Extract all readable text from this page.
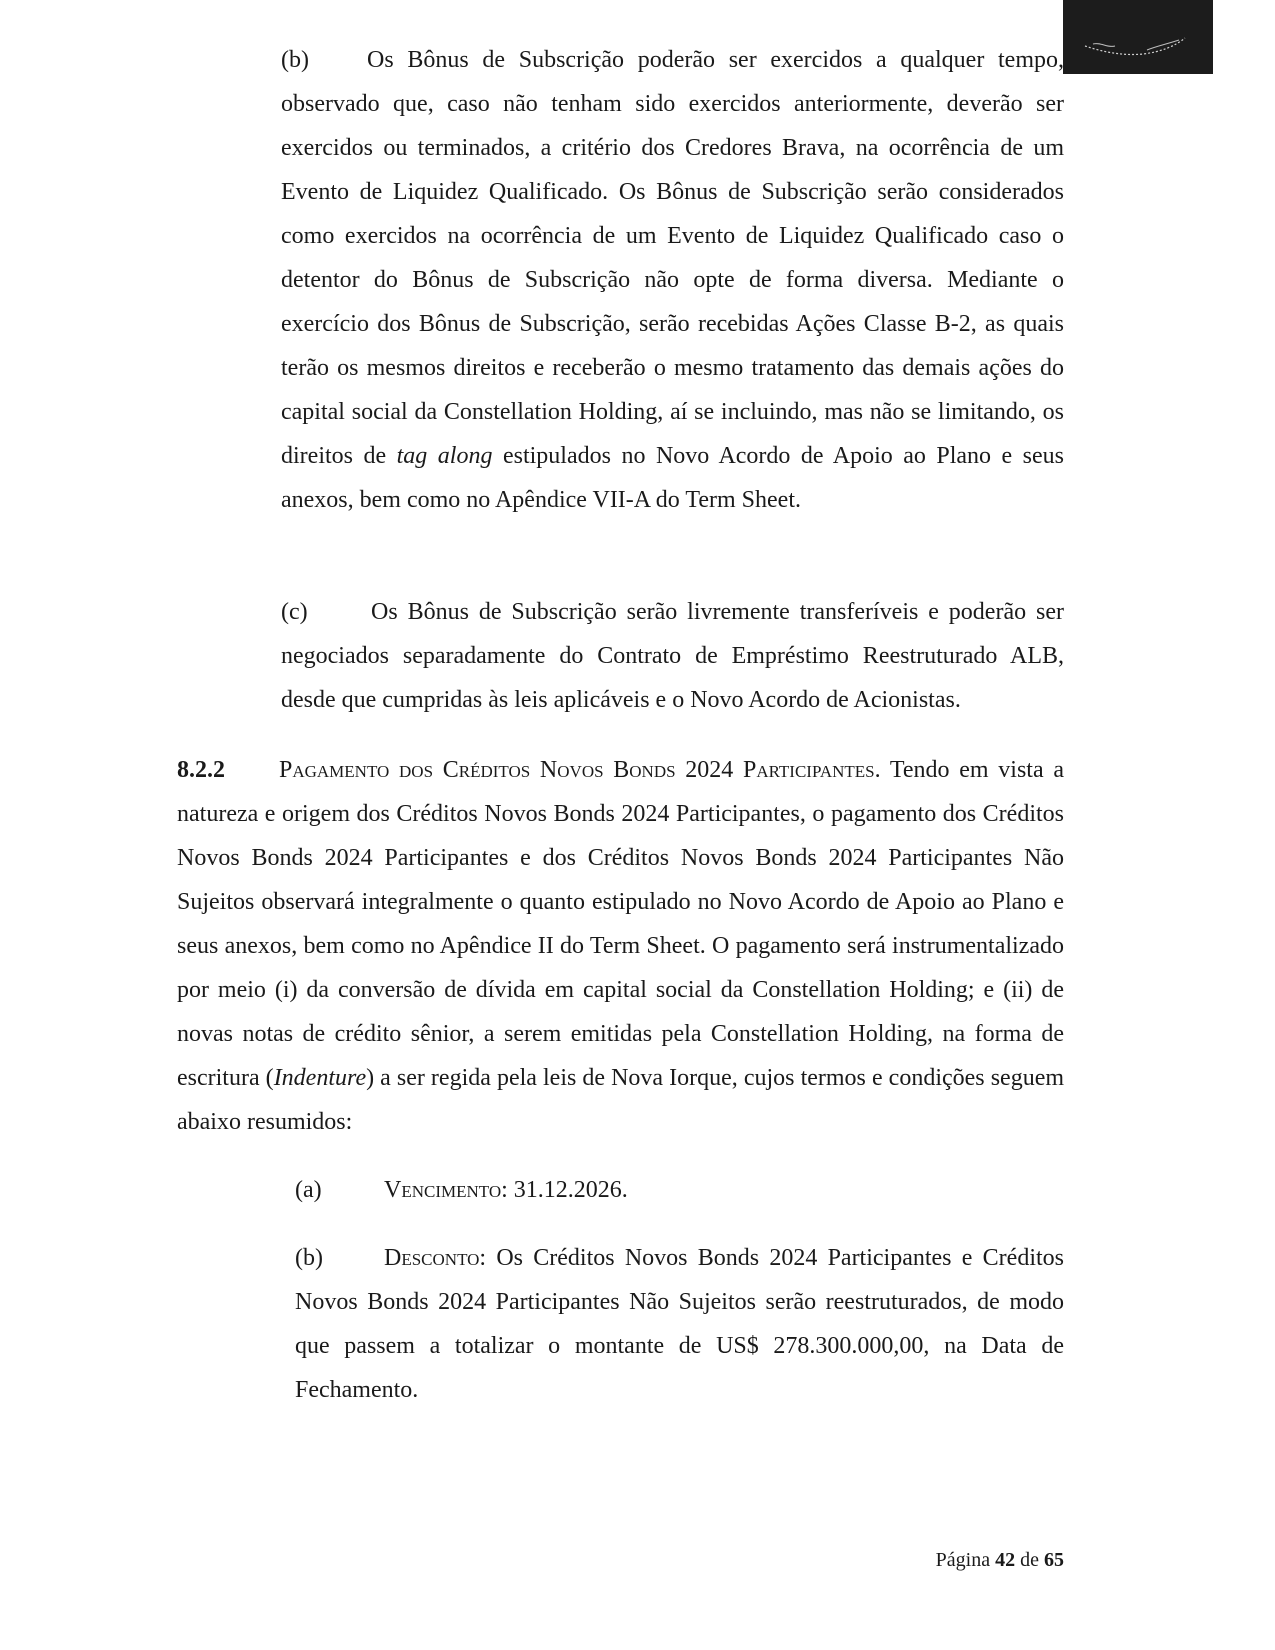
(b) Os Bônus de Subscrição poderão ser exercidos a qualquer tempo, observado que, caso não tenham sido exercidos anteriormente, deverão ser exercidos ou terminados, a critério dos Credores Brava, na ocorrência de um Evento de Liquidez Qualificado. Os Bônus de Subscrição serão considerados como exercidos na ocorrência de um Evento de Liquidez Qualificado caso o detentor do Bônus de Subscrição não opte de forma diversa. Mediante o exercício dos Bônus de Subscrição, serão recebidas Ações Classe B-2, as quais terão os mesmos direitos e receberão o mesmo tratamento das demais ações do capital social da Constellation Holding, aí se incluindo, mas não se limitando, os direitos de tag along estipulados no Novo Acordo de Apoio ao Plano e seus anexos, bem como no Apêndice VII-A do Term Sheet.

(c)	Os Bônus de Subscrição serão livremente transferíveis e poderão ser negociados separadamente do Contrato de Empréstimo Reestruturado ALB, desde que cumpridas às leis aplicáveis e o Novo Acordo de Acionistas.

8.2.2 Pagamento dos Créditos Novos Bonds 2024 Participantes. Tendo em vista a natureza e origem dos Créditos Novos Bonds 2024 Participantes, o pagamento dos Créditos Novos Bonds 2024 Participantes e dos Créditos Novos Bonds 2024 Participantes Não Sujeitos observará integralmente o quanto estipulado no Novo Acordo de Apoio ao Plano e seus anexos, bem como no Apêndice II do Term Sheet. O pagamento será instrumentalizado por meio (i) da conversão de dívida em capital social da Constellation Holding; e (ii) de novas notas de crédito sênior, a serem emitidas pela Constellation Holding, na forma de escritura (Indenture) a ser regida pela leis de Nova Iorque, cujos termos e condições seguem abaixo resumidos:

(a)	Vencimento: 31.12.2026.

(b)	Desconto: Os Créditos Novos Bonds 2024 Participantes e Créditos Novos Bonds 2024 Participantes Não Sujeitos serão reestruturados, de modo que passem a totalizar o montante de US$ 278.300.000,00, na Data de Fechamento.

Página 42 de 65
